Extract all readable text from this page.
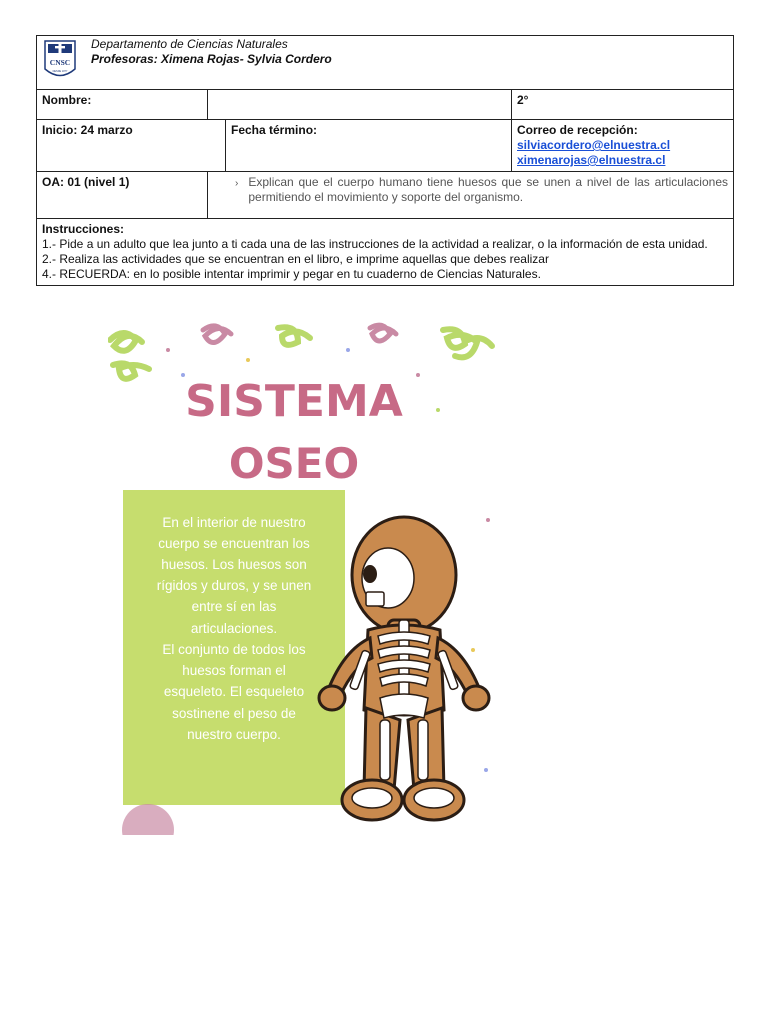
CNSC
DESDE 1877
Departamento de Ciencias Naturales
Profesoras: Ximena Rojas- Sylvia Cordero			

Nombre:			2°
Inicio: 24 marzo		Fecha término:	Correo de recepción: silviacordero@elnuestra.cl
ximenarojas@elnuestra.cl
OA: 01 (nivel 1)	› Explican que el cuerpo humano tiene huesos que se unen a nivel de las articulaciones permitiendo el movimiento y soporte del organismo.		

Instrucciones:
1.- Pide a un adulto que lea junto a ti cada una de las instrucciones de la actividad a realizar, o la información de esta unidad.
2.- Realiza las actividades que se encuentran en el libro, e imprime aquellas que debes realizar
4.- RECUERDA: en lo posible intentar imprimir y pegar en tu cuaderno de Ciencias Naturales.			
SISTEMA
OSEO
En el interior de nuestro
cuerpo se encuentran los
huesos. Los huesos son
rígidos y duros, y se unen
entre sí en las
articulaciones.
El conjunto de todos los
huesos forman el
esqueleto. El esqueleto
sostinene el peso de
nuestro cuerpo.
